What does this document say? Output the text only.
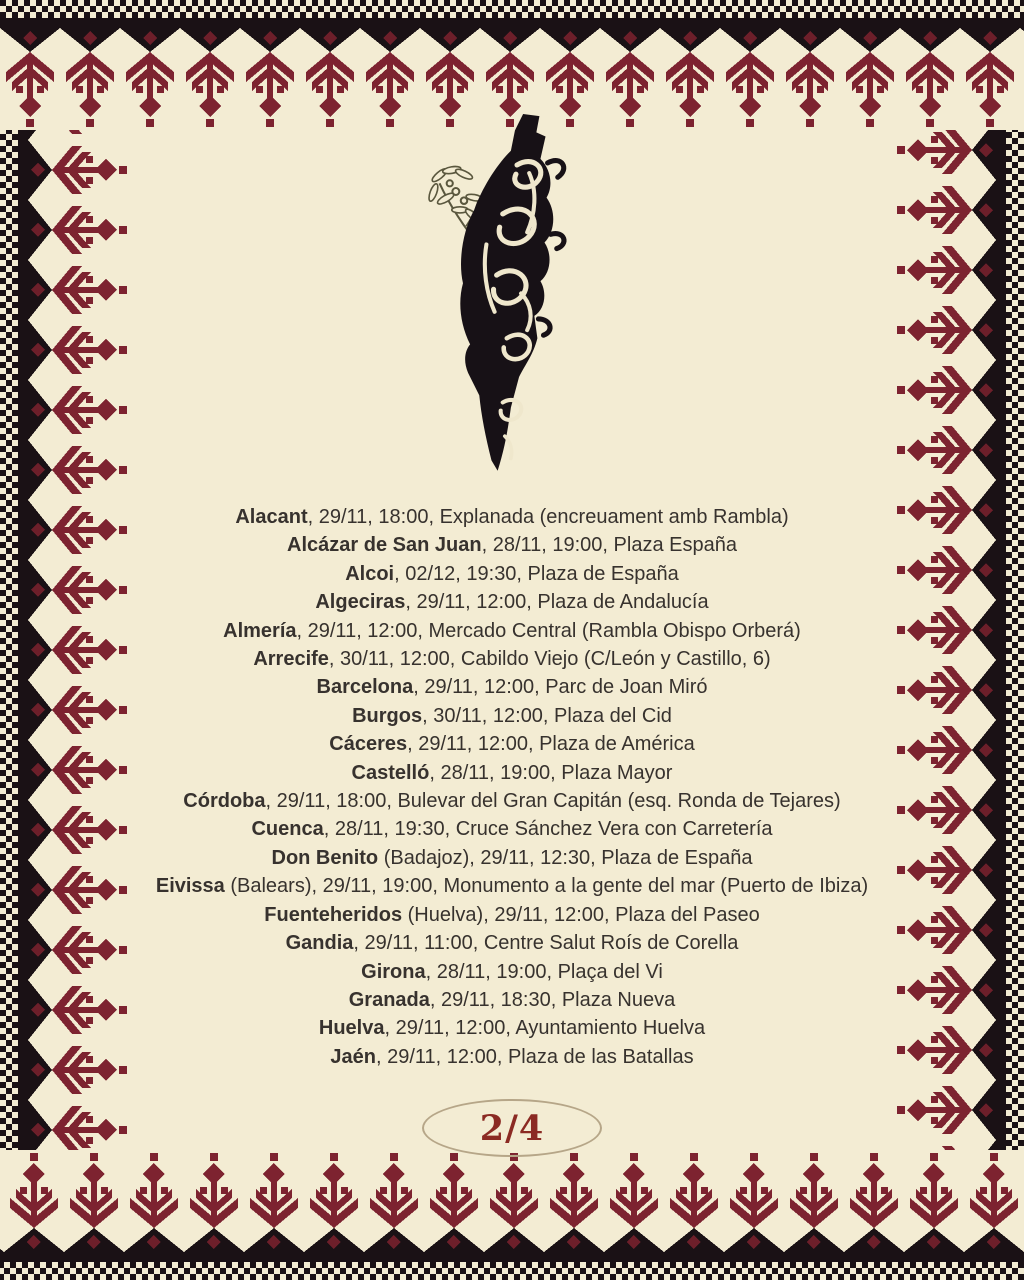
Alacant, 29/11, 18:00, Explanada (encreuament amb Rambla)
Alcázar de San Juan, 28/11, 19:00, Plaza España
Alcoi, 02/12, 19:30, Plaza de España
Algeciras, 29/11, 12:00, Plaza de Andalucía
Almería, 29/11, 12:00, Mercado Central (Rambla Obispo Orberá)
Arrecife, 30/11, 12:00, Cabildo Viejo (C/León y Castillo, 6)
Barcelona, 29/11, 12:00, Parc de Joan Miró
Burgos, 30/11, 12:00, Plaza del Cid
Cáceres, 29/11, 12:00, Plaza de América
Castelló, 28/11, 19:00, Plaza Mayor
Córdoba, 29/11, 18:00, Bulevar del Gran Capitán (esq. Ronda de Tejares)
Cuenca, 28/11, 19:30, Cruce Sánchez Vera con Carretería
Don Benito (Badajoz), 29/11, 12:30, Plaza de España
Eivissa (Balears), 29/11, 19:00, Monumento a la gente del mar (Puerto de Ibiza)
Fuenteheridos (Huelva), 29/11, 12:00, Plaza del Paseo
Gandia, 29/11, 11:00, Centre Salut Roís de Corella
Girona, 28/11, 19:00, Plaça del Vi
Granada, 29/11, 18:30, Plaza Nueva
Huelva, 29/11, 12:00, Ayuntamiento Huelva
Jaén, 29/11, 12:00, Plaza de las Batallas
2/4
